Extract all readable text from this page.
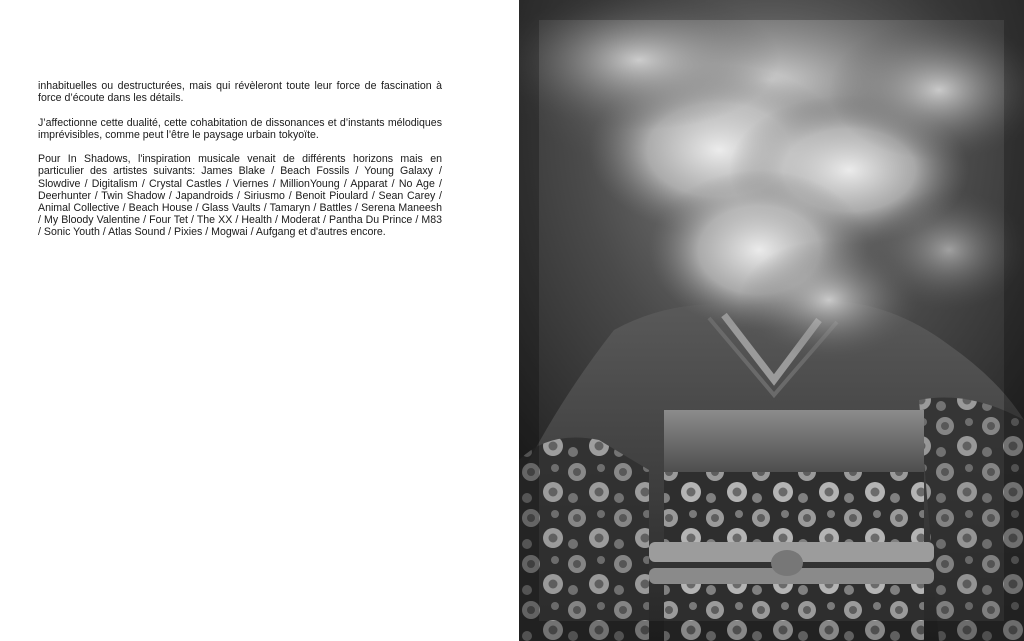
inhabituelles ou destructurées, mais qui révèleront toute leur force de fascination à force d’écoute dans les détails.

J’affectionne cette dualité, cette cohabitation de dissonances et d’instants mélodiques imprévisibles, comme peut l’être le paysage urbain tokyoïte.

Pour In Shadows, l'inspiration musicale venait de différents horizons mais en particulier des artistes suivants: James Blake / Beach Fossils / Young Galaxy / Slowdive / Digitalism / Crystal Castles / Viernes / MillionYoung / Apparat / No Age / Deerhunter / Twin Shadow / Japandroids / Siriusmo / Benoit Pioulard / Sean Carey / Animal Collective / Beach House / Glass Vaults / Tamaryn / Battles / Serena Maneesh / My Bloody Valentine / Four Tet / The XX / Health / Moderat / Pantha Du Prince / M83 / Sonic Youth / Atlas Sound / Pixies / Mogwai / Aufgang et d'autres encore.
